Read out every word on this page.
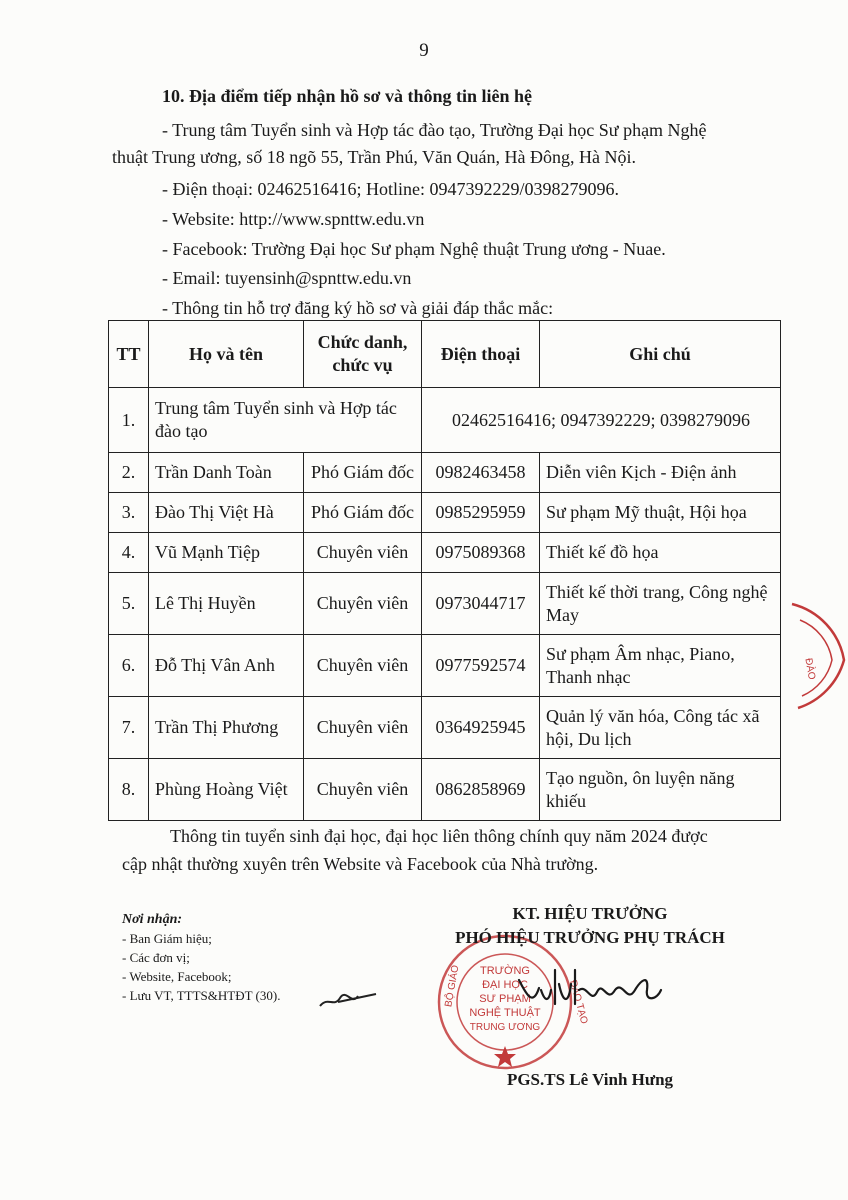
9
10. Địa điểm tiếp nhận hồ sơ và thông tin liên hệ
- Trung tâm Tuyển sinh và Hợp tác đào tạo, Trường Đại học Sư phạm Nghệ
thuật Trung ương, số 18 ngõ 55, Trần Phú, Văn Quán, Hà Đông, Hà Nội.
- Điện thoại: 02462516416; Hotline: 0947392229/0398279096.
- Website: http://www.spnttw.edu.vn
- Facebook: Trường Đại học Sư phạm Nghệ thuật Trung ương - Nuae.
- Email: tuyensinh@spnttw.edu.vn
- Thông tin hỗ trợ đăng ký hồ sơ và giải đáp thắc mắc:
TT	Họ và tên	Chức danh,
chức vụ	Điện thoại	Ghi chú
1.	Trung tâm Tuyển sinh và Hợp tác đào tạo		02462516416; 0947392229; 0398279096	
2.	Trần Danh Toàn	Phó Giám đốc	0982463458	Diễn viên Kịch - Điện ảnh
3.	Đào Thị Việt Hà	Phó Giám đốc	0985295959	Sư phạm Mỹ thuật, Hội họa
4.	Vũ Mạnh Tiệp	Chuyên viên	0975089368	Thiết kế đồ họa
5.	Lê Thị Huyền	Chuyên viên	0973044717	Thiết kế thời trang, Công nghệ May
6.	Đỗ Thị Vân Anh	Chuyên viên	0977592574	Sư phạm Âm nhạc, Piano, Thanh nhạc
7.	Trần Thị Phương	Chuyên viên	0364925945	Quản lý văn hóa, Công tác xã hội, Du lịch
8.	Phùng Hoàng Việt	Chuyên viên	0862858969	Tạo nguồn, ôn luyện năng khiếu
Thông tin tuyển sinh đại học, đại học liên thông chính quy năm 2024 được
cập nhật thường xuyên trên Website và Facebook của Nhà trường.
Nơi nhận:
- Ban Giám hiệu;
- Các đơn vị;
- Website, Facebook;
- Lưu VT, TTTS&HTĐT (30).
ĐÀO
TRƯỜNG
ĐẠI HỌC
SƯ PHẠM
NGHỆ THUẬT
TRUNG ƯƠNG
BỘ GIÁO	ĐÀO TẠO
KT. HIỆU TRƯỞNG
PHÓ HIỆU TRƯỞNG PHỤ TRÁCH
PGS.TS Lê Vinh Hưng
